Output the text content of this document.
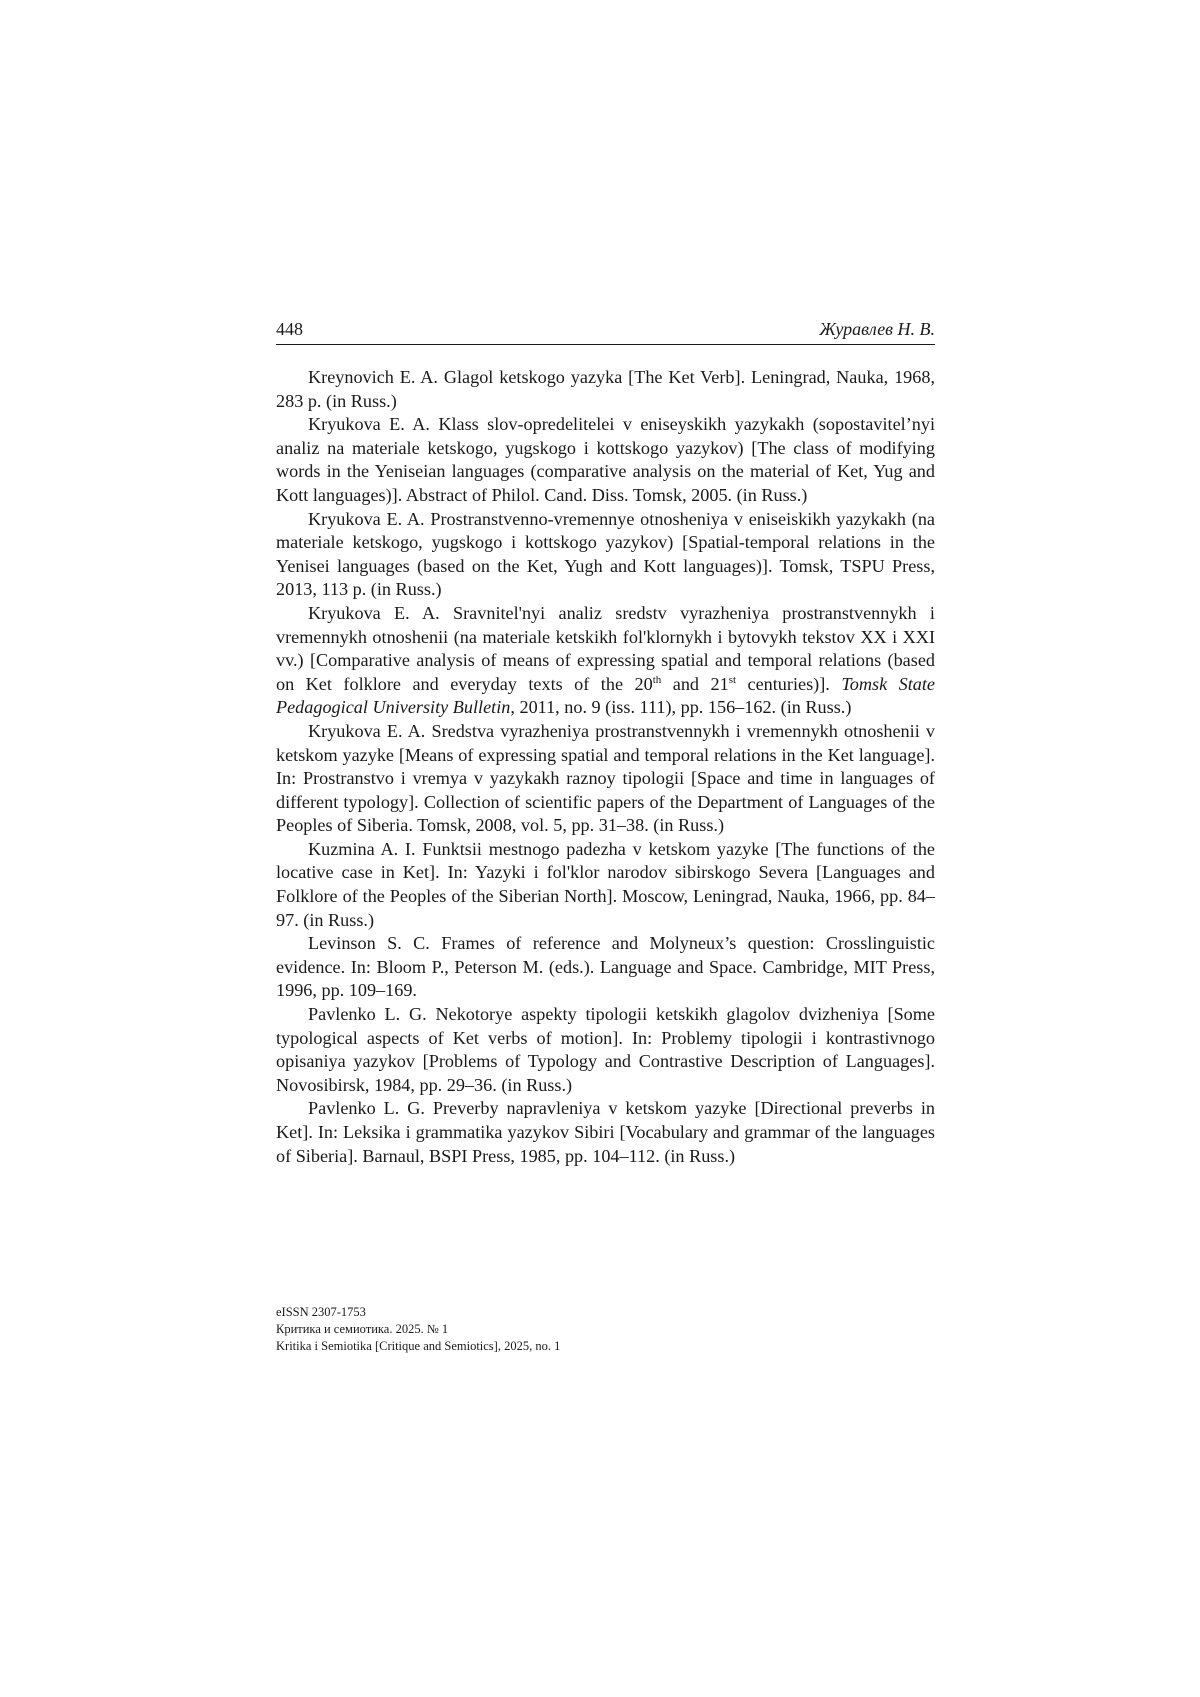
448	Журавлев Н. В.

Kreynovich E. A. Glagol ketskogo yazyka [The Ket Verb]. Leningrad, Nauka, 1968, 283 p. (in Russ.)

Kryukova E. A. Klass slov-opredelitelei v eniseyskikh yazykakh (sopostavitel’nyi analiz na materiale ketskogo, yugskogo i kottskogo yazykov) [The class of modifying words in the Yeniseian languages (comparative analysis on the material of Ket, Yug and Kott languages)]. Abstract of Philol. Cand. Diss. Tomsk, 2005. (in Russ.)

Kryukova E. A. Prostranstvenno-vremennye otnosheniya v eniseiskikh yazykakh (na materiale ketskogo, yugskogo i kottskogo yazykov) [Spatial-temporal relations in the Yenisei languages (based on the Ket, Yugh and Kott languages)]. Tomsk, TSPU Press, 2013, 113 p. (in Russ.)

Kryukova E. A. Sravnitel'nyi analiz sredstv vyrazheniya prostranstvennykh i vremennykh otnoshenii (na materiale ketskikh fol'klornykh i bytovykh tekstov XX i XXI vv.) [Comparative analysis of means of expressing spatial and temporal relations (based on Ket folklore and everyday texts of the 20th and 21st centuries)]. Tomsk State Pedagogical University Bulletin, 2011, no. 9 (iss. 111), pp. 156–162. (in Russ.)

Kryukova E. A. Sredstva vyrazheniya prostranstvennykh i vremennykh otnoshenii v ketskom yazyke [Means of expressing spatial and temporal relations in the Ket language]. In: Prostranstvo i vremya v yazykakh raznoy tipologii [Space and time in languages of different typology]. Collection of scientific papers of the Department of Languages of the Peoples of Siberia. Tomsk, 2008, vol. 5, pp. 31–38. (in Russ.)

Kuzmina A. I. Funktsii mestnogo padezha v ketskom yazyke [The functions of the locative case in Ket]. In: Yazyki i fol'klor narodov sibirskogo Severa [Languages and Folklore of the Peoples of the Siberian North]. Moscow, Leningrad, Nauka, 1966, pp. 84–97. (in Russ.)

Levinson S. C. Frames of reference and Molyneux’s question: Crosslinguistic evidence. In: Bloom P., Peterson M. (eds.). Language and Space. Cambridge, MIT Press, 1996, pp. 109–169.

Pavlenko L. G. Nekotorye aspekty tipologii ketskikh glagolov dvizheniya [Some typological aspects of Ket verbs of motion]. In: Problemy tipologii i kontrastivnogo opisaniya yazykov [Problems of Typology and Contrastive Description of Languages]. Novosibirsk, 1984, pp. 29–36. (in Russ.)

Pavlenko L. G. Preverby napravleniya v ketskom yazyke [Directional preverbs in Ket]. In: Leksika i grammatika yazykov Sibiri [Vocabulary and grammar of the languages of Siberia]. Barnaul, BSPI Press, 1985, pp. 104–112. (in Russ.)

eISSN 2307-1753
Критика и семиотика. 2025. № 1
Kritika i Semiotika [Critique and Semiotics], 2025, no. 1
